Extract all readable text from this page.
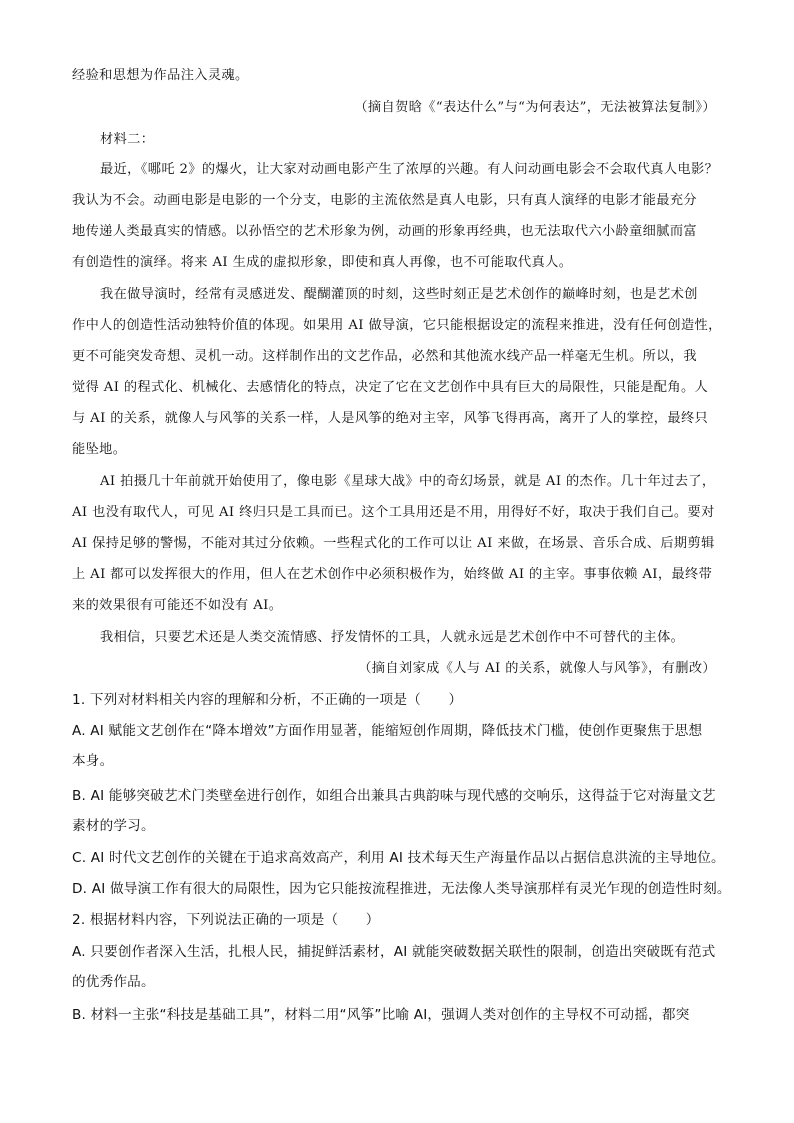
经验和思想为作品注入灵魂。
（摘自贺晗《“表达什么”与“为何表达”，无法被算法复制》）
材料二：
最近，《哪吒 2》的爆火，让大家对动画电影产生了浓厚的兴趣。有人问动画电影会不会取代真人电影？
我认为不会。动画电影是电影的一个分支，电影的主流依然是真人电影，只有真人演绎的电影才能最充分
地传递人类最真实的情感。以孙悟空的艺术形象为例，动画的形象再经典，也无法取代六小龄童细腻而富
有创造性的演绎。将来 AI 生成的虚拟形象，即使和真人再像，也不可能取代真人。
我在做导演时，经常有灵感迸发、醍醐灌顶的时刻，这些时刻正是艺术创作的巅峰时刻，也是艺术创
作中人的创造性活动独特价值的体现。如果用 AI 做导演，它只能根据设定的流程来推进，没有任何创造性，
更不可能突发奇想、灵机一动。这样制作出的文艺作品，必然和其他流水线产品一样毫无生机。所以，我
觉得 AI 的程式化、机械化、去感情化的特点，决定了它在文艺创作中具有巨大的局限性，只能是配角。人
与 AI 的关系，就像人与风筝的关系一样，人是风筝的绝对主宰，风筝飞得再高，离开了人的掌控，最终只
能坠地。
AI 拍摄几十年前就开始使用了，像电影《星球大战》中的奇幻场景，就是 AI 的杰作。几十年过去了，
AI 也没有取代人，可见 AI 终归只是工具而已。这个工具用还是不用，用得好不好，取决于我们自己。要对
AI 保持足够的警惕，不能对其过分依赖。一些程式化的工作可以让 AI 来做，在场景、音乐合成、后期剪辑
上 AI 都可以发挥很大的作用，但人在艺术创作中必须积极作为，始终做 AI 的主宰。事事依赖 AI，最终带
来的效果很有可能还不如没有 AI。
我相信，只要艺术还是人类交流情感、抒发情怀的工具，人就永远是艺术创作中不可替代的主体。
（摘自刘家成《人与 AI 的关系，就像人与风筝》，有删改）
1. 下列对材料相关内容的理解和分析，不正确的一项是（　　）
A. AI 赋能文艺创作在“降本增效”方面作用显著，能缩短创作周期，降低技术门槛，使创作更聚焦于思想
本身。
B. AI 能够突破艺术门类壁垒进行创作，如组合出兼具古典韵味与现代感的交响乐，这得益于它对海量文艺
素材的学习。
C. AI 时代文艺创作的关键在于追求高效高产，利用 AI 技术每天生产海量作品以占据信息洪流的主导地位。
D. AI 做导演工作有很大的局限性，因为它只能按流程推进，无法像人类导演那样有灵光乍现的创造性时刻。
2. 根据材料内容，下列说法正确的一项是（　　）
A. 只要创作者深入生活，扎根人民，捕捉鲜活素材，AI 就能突破数据关联性的限制，创造出突破既有范式
的优秀作品。
B. 材料一主张“科技是基础工具”，材料二用“风筝”比喻 AI，强调人类对创作的主导权不可动摇，都突
